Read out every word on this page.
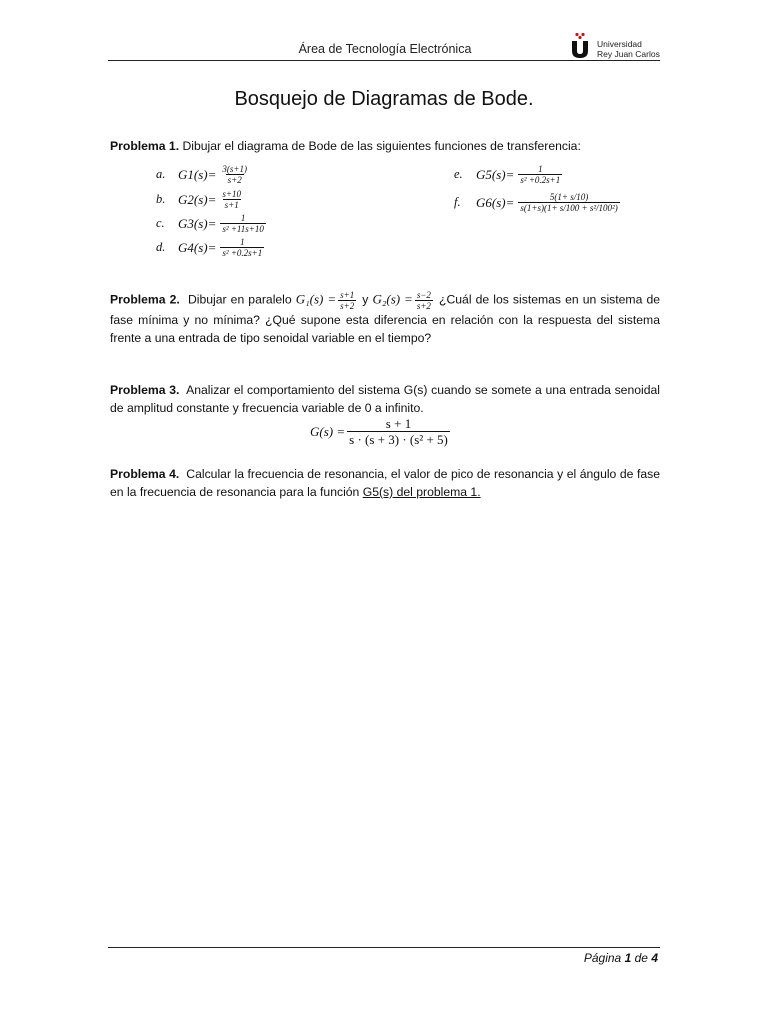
Área de Tecnología Electrónica	Universidad
Rey Juan Carlos
Bosquejo de Diagramas de Bode.
Problema 1. Dibujar el diagrama de Bode de las siguientes funciones de transferencia:
a. $G1(s)= \frac{3(s+1)}{s+2}$
b. $G2(s)= \frac{s+10}{s+1}$
c.	$G3(s)= \frac{1}{\text{s² +11s+10}}$
d. $G4(s)= \frac{1}{\text{s² +0.2s+1}}$
e.	$G5(s)= \frac{1}{\text{s² +0.2s+1}}$
f.	$G6(s)= \frac{5(1+ s/10)}{\text{s(1+s)(1+ s/100 + s²/100²)}}$
Problema 2. Dibujar en paralelo $G_1(s) = \frac{s+1}{s+2}$ y $G_2(s) = \frac{s-2}{s+2}$ ¿Cuál de los sistemas en un sistema de fase mínima y no mínima? ¿Qué supone esta diferencia en relación con la respuesta del sistema frente a una entrada de tipo senoidal variable en el tiempo?
Problema 3. Analizar el comportamiento del sistema G(s) cuando se somete a una entrada senoidal de amplitud constante y frecuencia variable de 0 a infinito.
$G(s) = \frac{s + 1}{\text{s · (s + 3) · (s² + 5)}}$
Problema 4. Calcular la frecuencia de resonancia, el valor de pico de resonancia y el ángulo de fase en la frecuencia de resonancia para la función G5(s) del problema 1.
Página 1 de 4
